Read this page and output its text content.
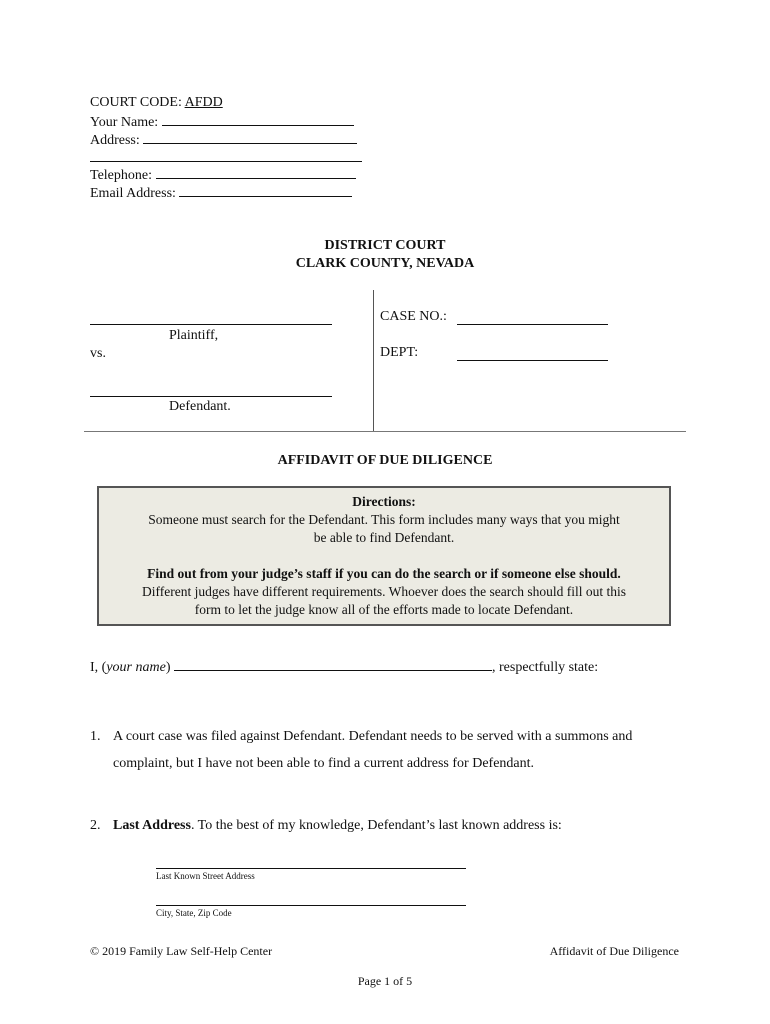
COURT CODE: AFDD
Your Name:
Address:
Telephone:
Email Address:
DISTRICT COURT
CLARK COUNTY, NEVADA
Plaintiff,
vs.
Defendant.
CASE NO.:
DEPT:
AFFIDAVIT OF DUE DILIGENCE
Directions:
Someone must search for the Defendant. This form includes many ways that you might
be able to find Defendant.
Find out from your judge’s staff if you can do the search or if someone else should.
Different judges have different requirements. Whoever does the search should fill out this
form to let the judge know all of the efforts made to locate Defendant.
I, (your name)	, respectfully state:
1. A court case was filed against Defendant. Defendant needs to be served with a summons and
complaint, but I have not been able to find a current address for Defendant.
2. Last Address. To the best of my knowledge, Defendant’s last known address is:
Last Known Street Address
City, State, Zip Code
© 2019 Family Law Self-Help Center	Affidavit of Due Diligence
Page 1 of 5
